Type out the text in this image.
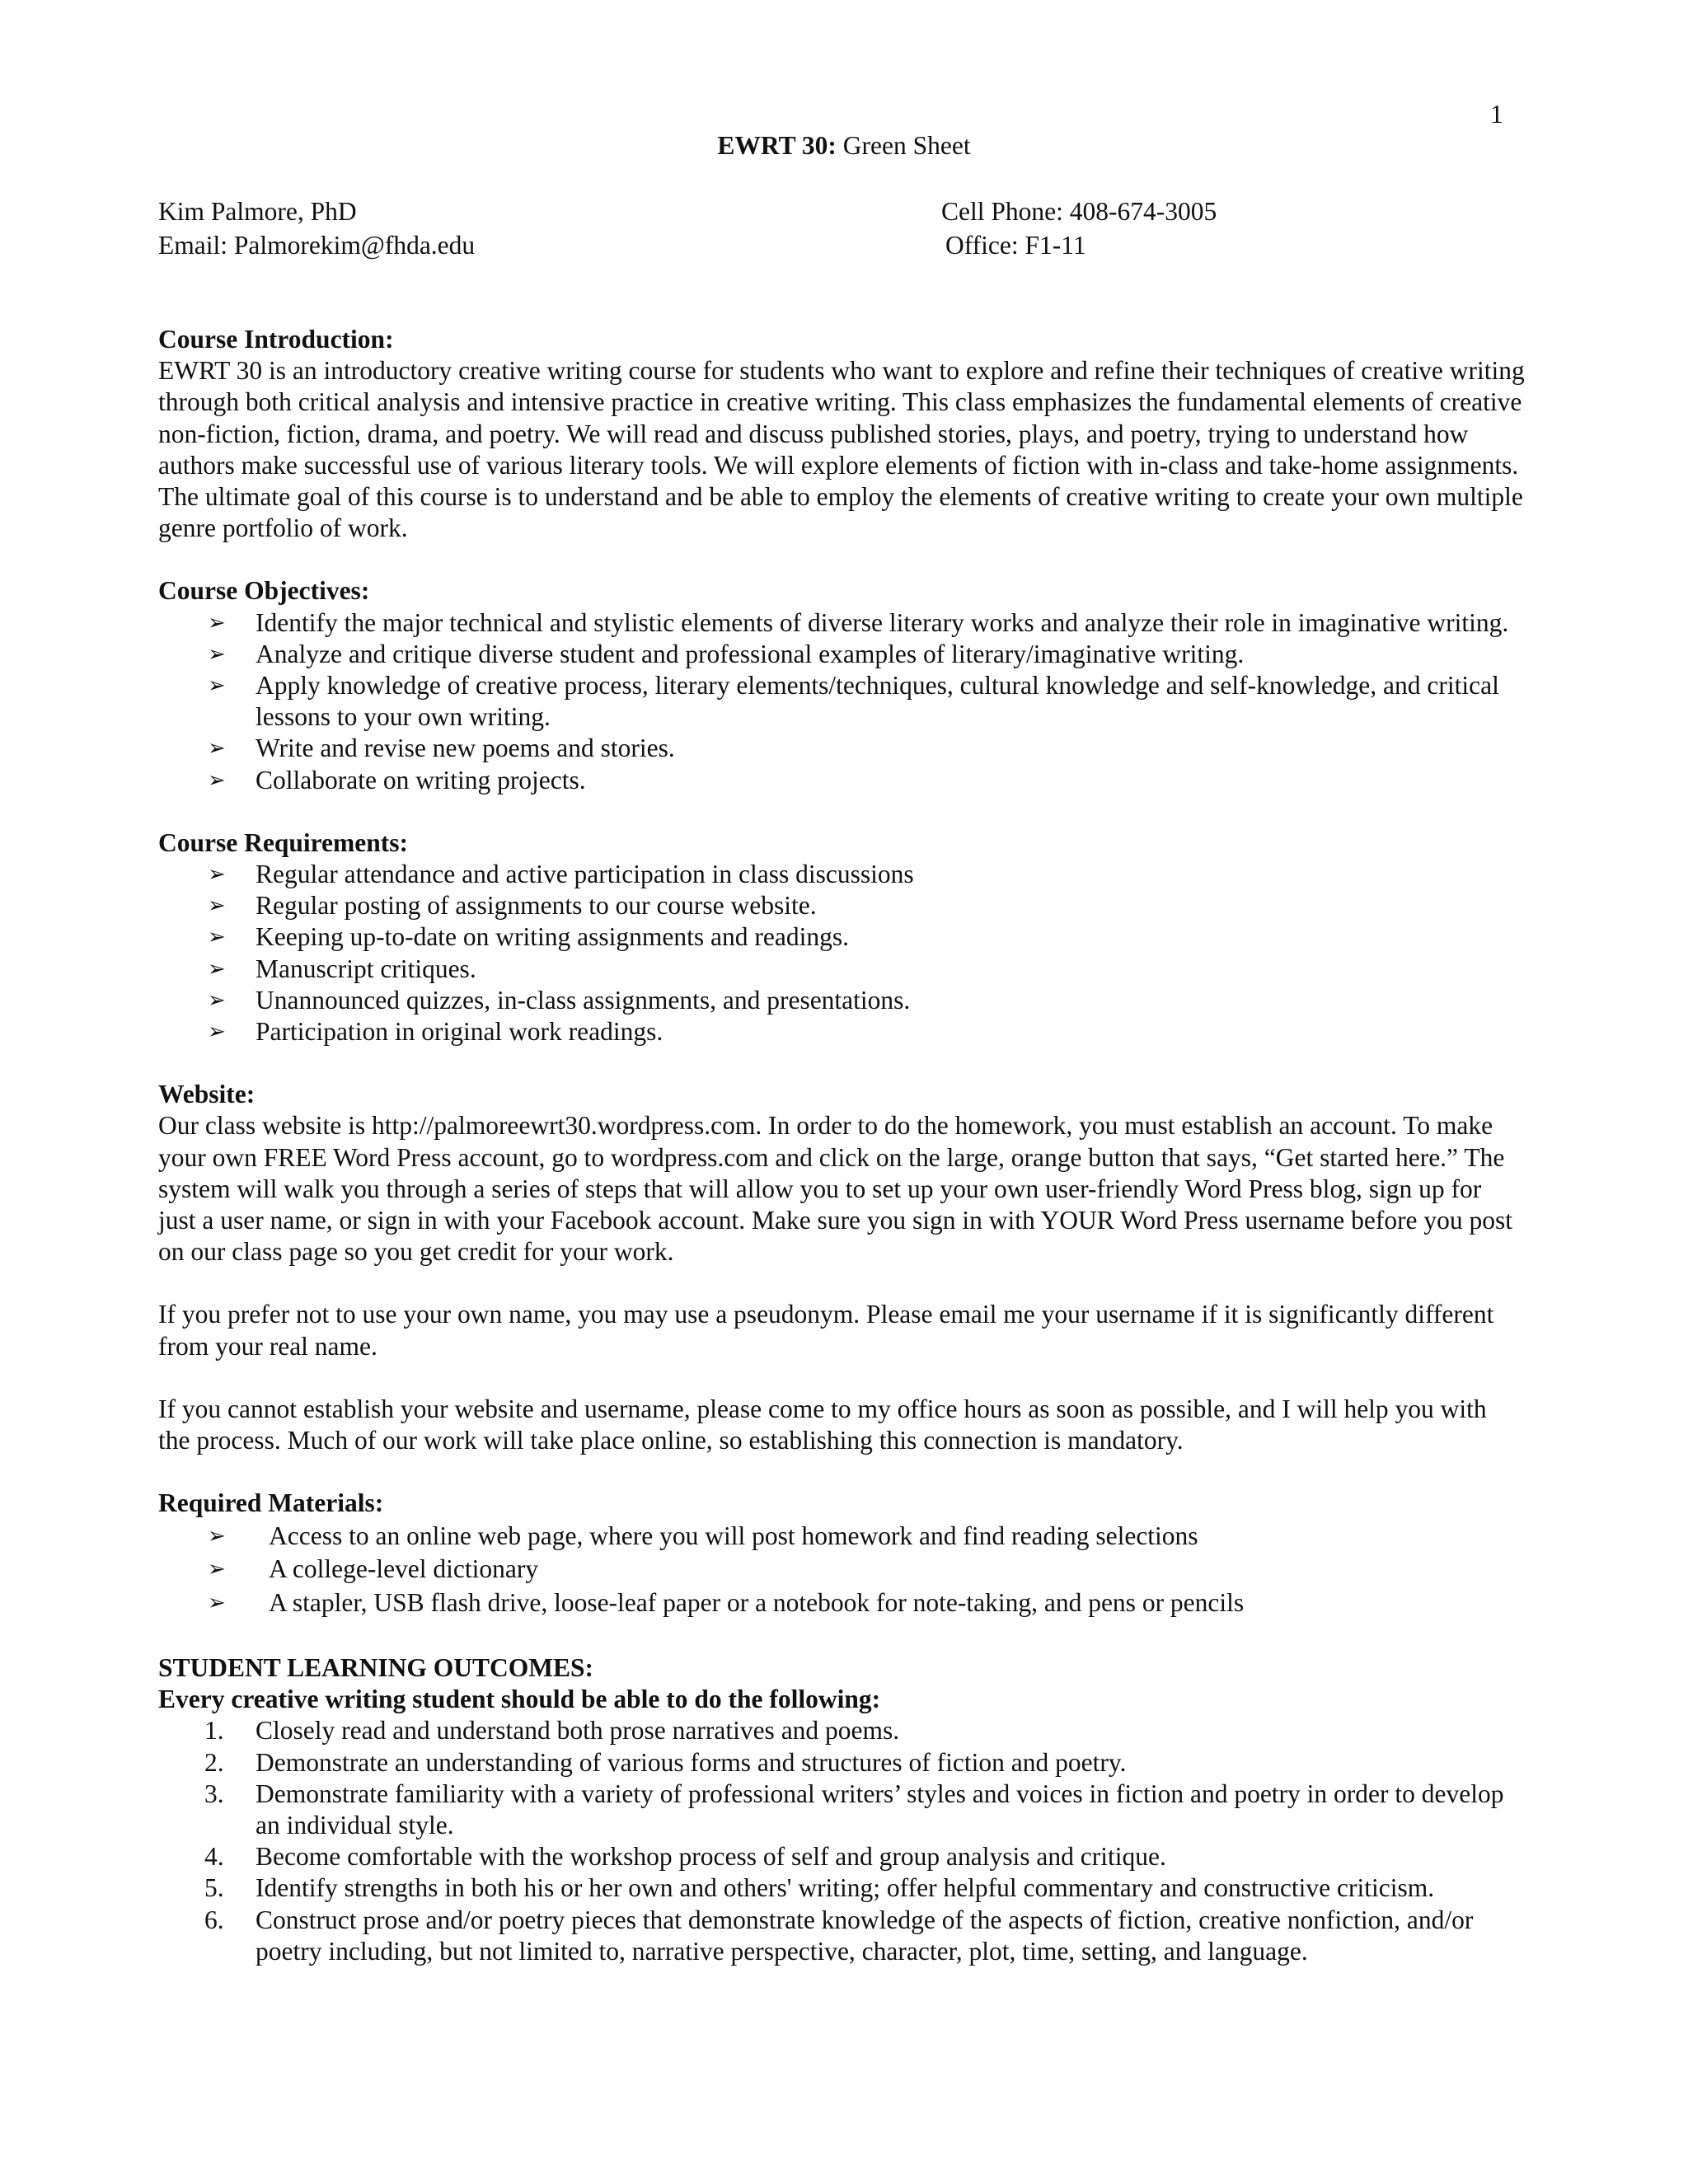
1
EWRT 30: Green Sheet
Kim Palmore, PhD	Cell Phone: 408-674-3005
Email: Palmorekim@fhda.edu	Office: F1-11

Course Introduction:

EWRT 30 is an introductory creative writing course for students who want to explore and refine their techniques of creative writing through both critical analysis and intensive practice in creative writing. This class emphasizes the fundamental elements of creative non-fiction, fiction, drama, and poetry. We will read and discuss published stories, plays, and poetry, trying to understand how authors make successful use of various literary tools. We will explore elements of fiction with in-class and take-home assignments. The ultimate goal of this course is to understand and be able to employ the elements of creative writing to create your own multiple genre portfolio of work.

Course Objectives:

➢ Identify the major technical and stylistic elements of diverse literary works and analyze their role in imaginative writing.
➢ Analyze and critique diverse student and professional examples of literary/imaginative writing.
➢ Apply knowledge of creative process, literary elements/techniques, cultural knowledge and self-knowledge, and critical lessons to your own writing.
➢ Write and revise new poems and stories.
➢ Collaborate on writing projects.

Course Requirements:

➢ Regular attendance and active participation in class discussions
➢ Regular posting of assignments to our course website.
➢ Keeping up-to-date on writing assignments and readings.
➢ Manuscript critiques.
➢ Unannounced quizzes, in-class assignments, and presentations.
➢ Participation in original work readings.

Website:

Our class website is http://palmoreewrt30.wordpress.com. In order to do the homework, you must establish an account. To make your own FREE Word Press account, go to wordpress.com and click on the large, orange button that says, “Get started here.” The system will walk you through a series of steps that will allow you to set up your own user-friendly Word Press blog, sign up for just a user name, or sign in with your Facebook account. Make sure you sign in with YOUR Word Press username before you post on our class page so you get credit for your work.

If you prefer not to use your own name, you may use a pseudonym. Please email me your username if it is significantly different from your real name.

If you cannot establish your website and username, please come to my office hours as soon as possible, and I will help you with the process. Much of our work will take place online, so establishing this connection is mandatory.

Required Materials:

➢ Access to an online web page, where you will post homework and find reading selections
➢ A college-level dictionary
➢ A stapler, USB flash drive, loose-leaf paper or a notebook for note-taking, and pens or pencils

STUDENT LEARNING OUTCOMES:

Every creative writing student should be able to do the following:

1. Closely read and understand both prose narratives and poems.
2. Demonstrate an understanding of various forms and structures of fiction and poetry.
3. Demonstrate familiarity with a variety of professional writers’ styles and voices in fiction and poetry in order to develop an individual style.
4. Become comfortable with the workshop process of self and group analysis and critique.
5. Identify strengths in both his or her own and others' writing; offer helpful commentary and constructive criticism.
6. Construct prose and/or poetry pieces that demonstrate knowledge of the aspects of fiction, creative nonfiction, and/or poetry including, but not limited to, narrative perspective, character, plot, time, setting, and language.
